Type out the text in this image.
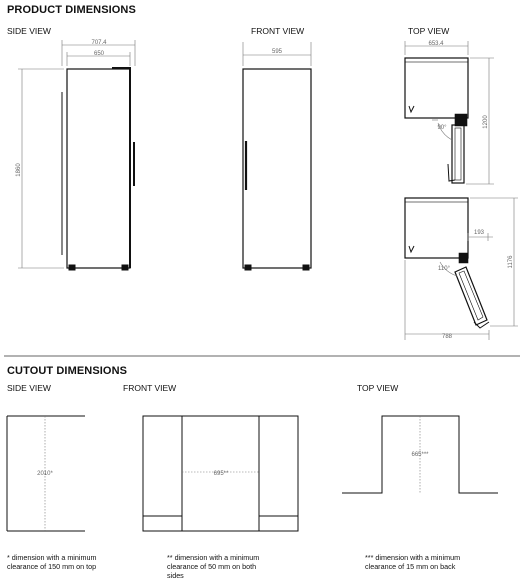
PRODUCT DIMENSIONS
SIDE VIEW	FRONT VIEW	TOP VIEW
CUTOUT DIMENSIONS
SIDE VIEW	FRONT VIEW	TOP VIEW
* dimension with a minimum
clearance of 150 mm on top
** dimension with a minimum
clearance of 50 mm on both
sides
*** dimension with a minimum
clearance of 15 mm on back
707.4
650
1860
595
90°
653.4
1200
110°
193
1176
788
2010*	695**
665***
